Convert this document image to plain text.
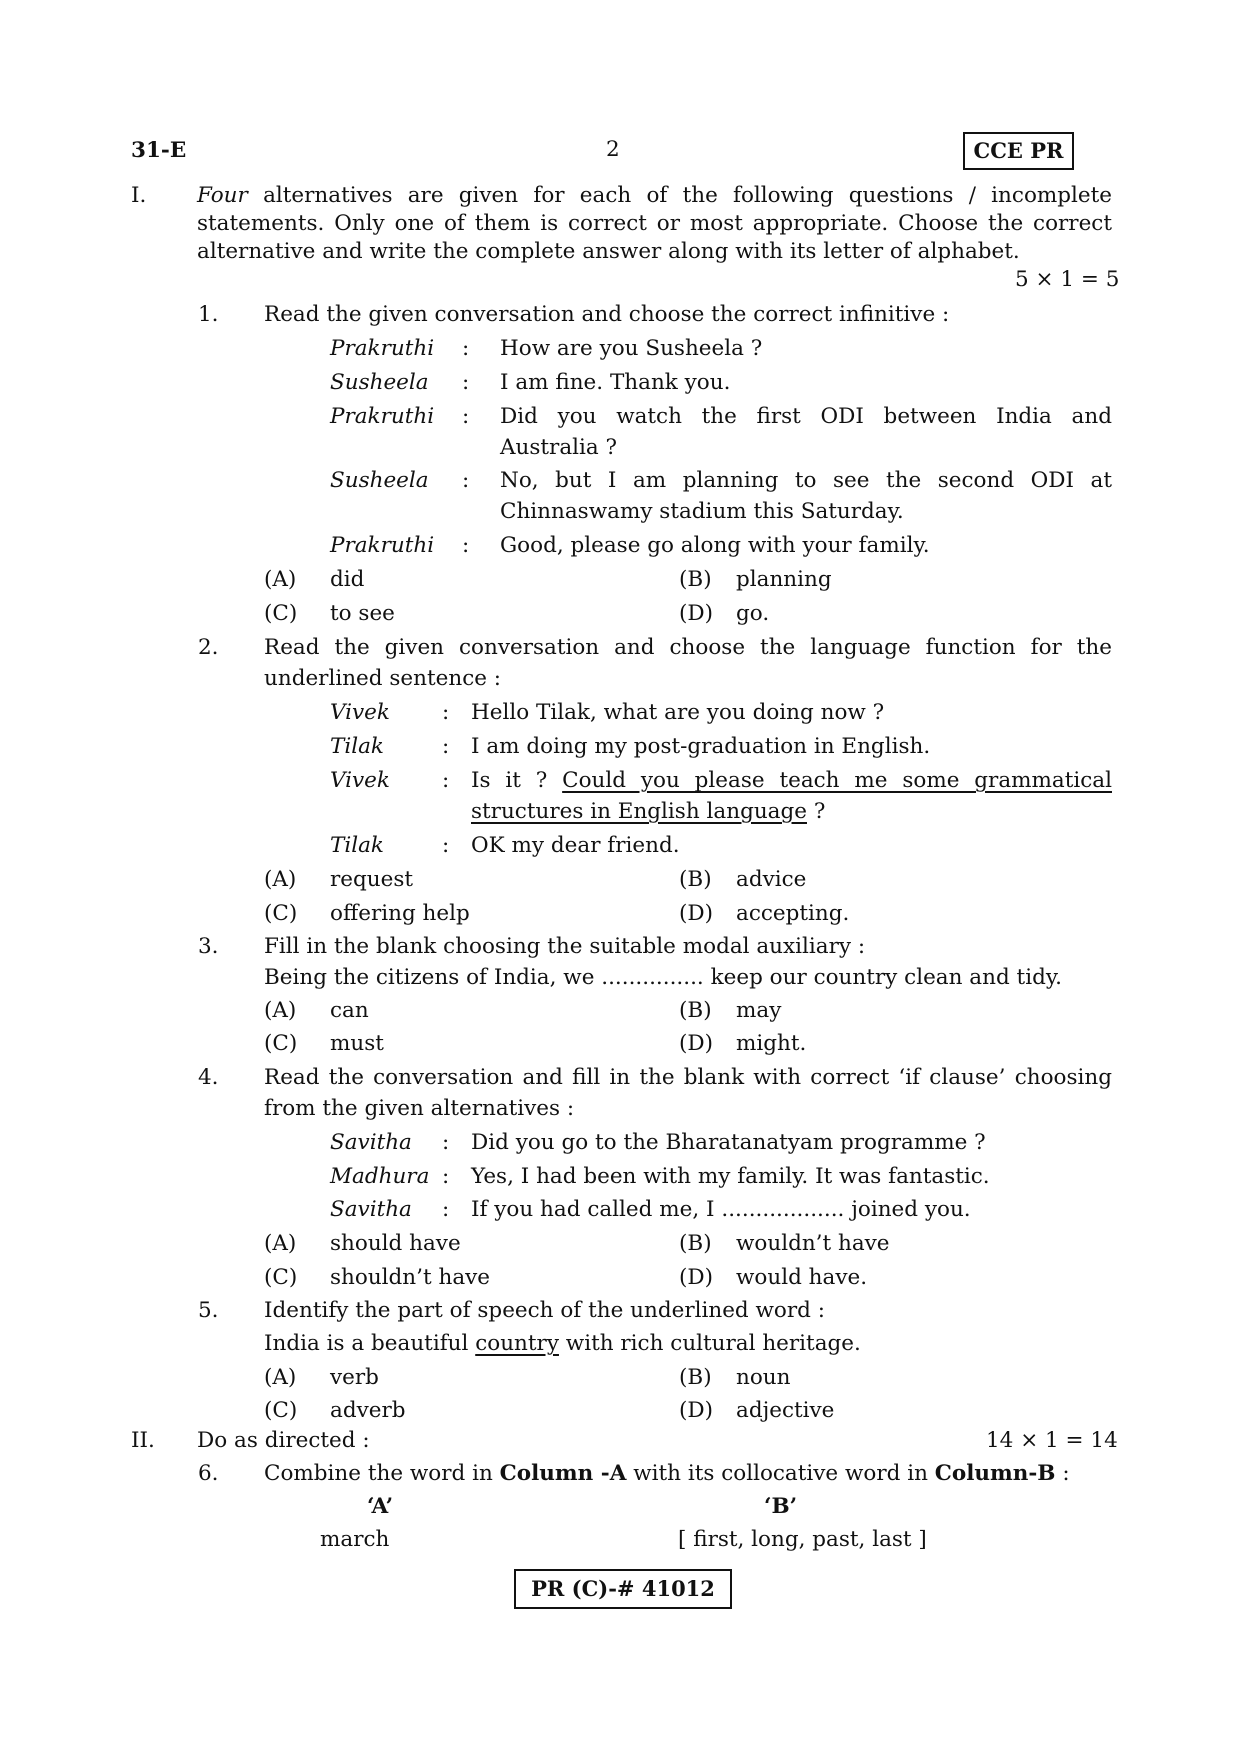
31-E	2	CCE PR
I. Four alternatives are given for each of the following questions / incomplete
statements. Only one of them is correct or most appropriate. Choose the correct
alternative and write the complete answer along with its letter of alphabet.
5 × 1 = 5
1. Read the given conversation and choose the correct infinitive :
Prakruthi : How are you Susheela ?
Susheela : I am fine. Thank you.
Prakruthi : Did you watch the first ODI between India and
Australia ?
Susheela : No, but I am planning to see the second ODI at
Chinnaswamy stadium this Saturday.
Prakruthi : Good, please go along with your family.
(A) did	(B) planning
(C) to see	(D) go.
2. Read the given conversation and choose the language function for the
underlined sentence :
Vivek : Hello Tilak, what are you doing now ?
Tilak	: I am doing my post-graduation in English.
Vivek : Is it ? Could you please teach me some grammatical
structures in English language ?
Tilak	: OK my dear friend.
(A) request	(B) advice
(C) offering help	(D) accepting.
3. Fill in the blank choosing the suitable modal auxiliary :
Being the citizens of India, we ............... keep our country clean and tidy.
(A) can	(B) may
(C) must	(D) might.
4. Read the conversation and fill in the blank with correct ‘if clause’ choosing
from the given alternatives :
Savitha : Did you go to the Bharatanatyam programme ?
Madhura : Yes, I had been with my family. It was fantastic.
Savitha : If you had called me, I .................. joined you.
(A) should have	(B) wouldn’t have
(C) shouldn’t have	(D) would have.
5. Identify the part of speech of the underlined word :
India is a beautiful country with rich cultural heritage.
(A) verb	(B) noun
(C) adverb	(D) adjective
II. Do as directed :	14 × 1 = 14
6. Combine the word in Column -A with its collocative word in Column-B :
‘A’	‘B’
march	[ first, long, past, last ]
PR (C)-# 41012
